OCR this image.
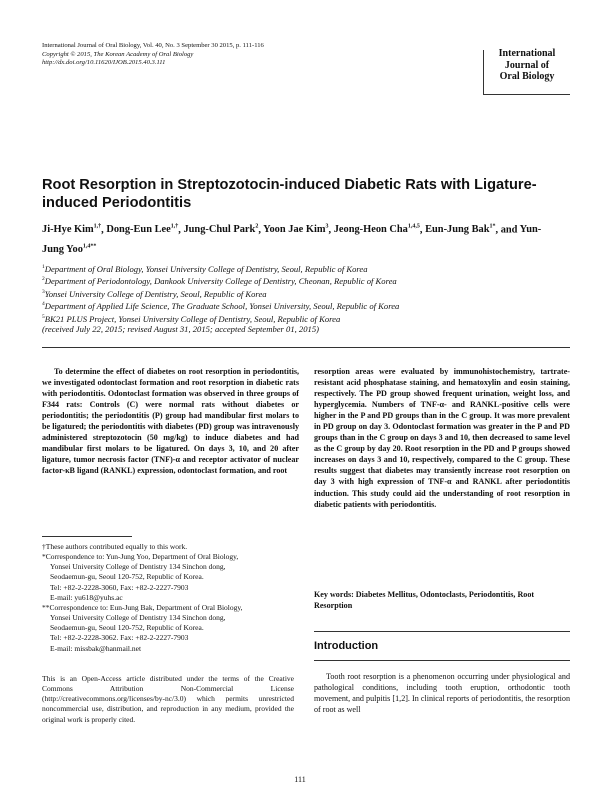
International Journal of Oral Biology, Vol. 40, No. 3 September 30 2015, p. 111-116
Copyright © 2015, The Korean Academy of Oral Biology
http://dx.doi.org/10.11620/IJOB.2015.40.3.111
International
Journal of
Oral Biology
Root Resorption in Streptozotocin-induced Diabetic Rats with Ligature-induced Periodontitis
Ji-Hye Kim$^{1,\dagger}$, Dong-Eun Lee$^{1,\dagger}$, Jung-Chul Park$^2$, Yoon Jae Kim$^3$, Jeong-Heon Cha$^{1,4,5}$, Eun-Jung Bak$^{1*}$, and Yun-Jung Yoo$^{1,4**}$
$^1$Department of Oral Biology, Yonsei University College of Dentistry, Seoul, Republic of Korea
$^2$Department of Periodontology, Dankook University College of Dentistry, Cheonan, Republic of Korea
$^3$Yonsei University College of Dentistry, Seoul, Republic of Korea
$^4$Department of Applied Life Science, The Graduate School, Yonsei University, Seoul, Republic of Korea
$^5$BK21 PLUS Project, Yonsei University College of Dentistry, Seoul, Republic of Korea
(received July 22, 2015; revised August 31, 2015; accepted September 01, 2015)
To determine the effect of diabetes on root resorption in periodontitis, we investigated odontoclast formation and root resorption in diabetic rats with periodontitis. Odontoclast formation was observed in three groups of F344 rats: Controls (C) were normal rats without diabetes or periodontitis; the periodontitis (P) group had mandibular first molars to be ligatured; the periodontitis with diabetes (PD) group was intravenously administered streptozotocin (50 mg/kg) to induce diabetes and had mandibular first molars to be ligatured. On days 3, 10, and 20 after ligature, tumor necrosis factor (TNF)-α and receptor activator of nuclear factor-κB ligand (RANKL) expression, odontoclast formation, and root
resorption areas were evaluated by immunohistochemistry, tartrate-resistant acid phosphatase staining, and hematoxylin and eosin staining, respectively. The PD group showed frequent urination, weight loss, and hyperglycemia. Numbers of TNF-α- and RANKL-positive cells were higher in the P and PD groups than in the C group. It was more prevalent in PD group on day 3. Odontoclast formation was greater in the P and PD groups than in the C group on days 3 and 10, then decreased to same level as the C group by day 20. Root resorption in the PD and P groups showed increases on days 3 and 10, respectively, compared to the C group. These results suggest that diabetes may transiently increase root resorption on day 3 with high expression of TNF-α and RANKL after periodontitis induction. This study could aid the understanding of root resorption in diabetic patients with periodontitis.
Key words: Diabetes Mellitus, Odontoclasts, Periodontitis, Root Resorption
†These authors contributed equally to this work.
*Correspondence to: Yun-Jung Yoo, Department of Oral Biology,
Yonsei University College of Dentistry 134 Sinchon dong,
Seodaemun-gu, Seoul 120-752, Republic of Korea.
Tel: +82-2-2228-3060, Fax: +82-2-2227-7903
E-mail: yu618@yuhs.ac
**Correspondence to: Eun-Jung Bak, Department of Oral Biology,
Yonsei University College of Dentistry 134 Sinchon dong,
Seodaemun-gu, Seoul 120-752, Republic of Korea.
Tel: +82-2-2228-3062. Fax: +82-2-2227-7903
E-mail: missbak@hanmail.net
This is an Open-Access article distributed under the terms of the Creative Commons Attribution Non-Commercial License (http://creativecommons.org/licenses/by-nc/3.0) which permits unrestricted noncommercial use, distribution, and reproduction in any medium, provided the original work is properly cited.
Introduction
Tooth root resorption is a phenomenon occurring under physiological and pathological conditions, including tooth eruption, orthodontic tooth movement, and pulpitis [1,2]. In clinical reports of periodontitis, the resorption of root as well
111
